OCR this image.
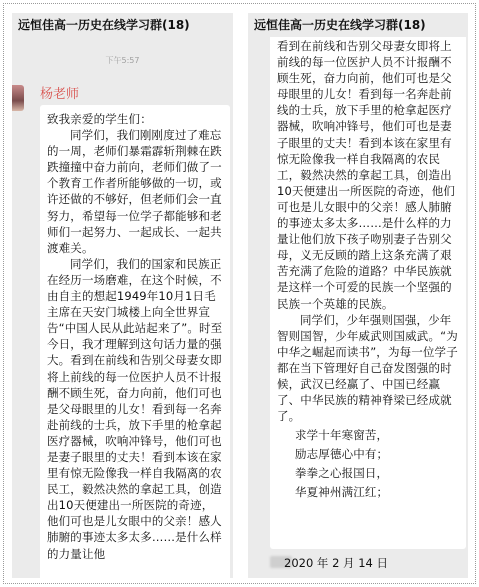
远恒佳高一历史在线学习群(18)
下午5:57
杨老师
致我亲爱的学生们：
同学们，我们刚刚度过了难忘的一周，老师们暴霜霹斩荆棘在跌跌撞撞中奋力前向，老师们做了一个教育工作者所能够做的一切，或许还做的不够好，但老师们会一直努力，希望每一位学子都能够和老师们一起努力、一起成长、一起共渡难关。
同学们，我们的国家和民族正在经历一场磨难，在这个时候，不由自主的想起1949年10月1日毛主席在天安门城楼上向全世界宣告“中国人民从此站起来了”。时至今日，我才理解到这句话力量的强大。看到在前线和告别父母妻女即将上前线的每一位医护人员不计报酬不顾生死，奋力向前，他们可也是父母眼里的儿女！看到每一名奔赴前线的士兵，放下手里的枪拿起医疗器械，吹响冲锋号，他们可也是妻子眼里的丈夫！看到本该在家里有惊无险像我一样自我隔离的农民工，毅然决然的拿起工具，创造出10天便建出一所医院的奇迹，他们可也是儿女眼中的父亲！感人肺腑的事迹太多太多……是什么样的力量让他
远恒佳高一历史在线学习群(18)
看到在前线和告别父母妻女即将上前线的每一位医护人员不计报酬不顾生死，奋力向前，他们可也是父母眼里的儿女！看到每一名奔赴前线的士兵，放下手里的枪拿起医疗器械，吹响冲锋号，他们可也是妻子眼里的丈夫！看到本该在家里有惊无险像我一样自我隔离的农民工，毅然决然的拿起工具，创造出10天便建出一所医院的奇迹，他们可也是儿女眼中的父亲！感人肺腑的事迹太多太多……是什么样的力量让他们放下孩子吻别妻子告别父母，义无反顾的踏上这条充满了艰苦充满了危险的道路？中华民族就是这样一个可爱的民族一个坚强的民族一个英雄的民族。
同学们，少年强则国强，少年智则国智，少年威武则国威武。“为中华之崛起而读书”，为每一位学子都在当下管理好自己奋发图强的时候，武汉已经赢了、中国已经赢了、中华民族的精神脊梁已经成就了。
求学十年寒窗苦，
励志厚德心中有；
拳拳之心报国日，
华夏神州满江红；
2020 年 2 月 14 日
